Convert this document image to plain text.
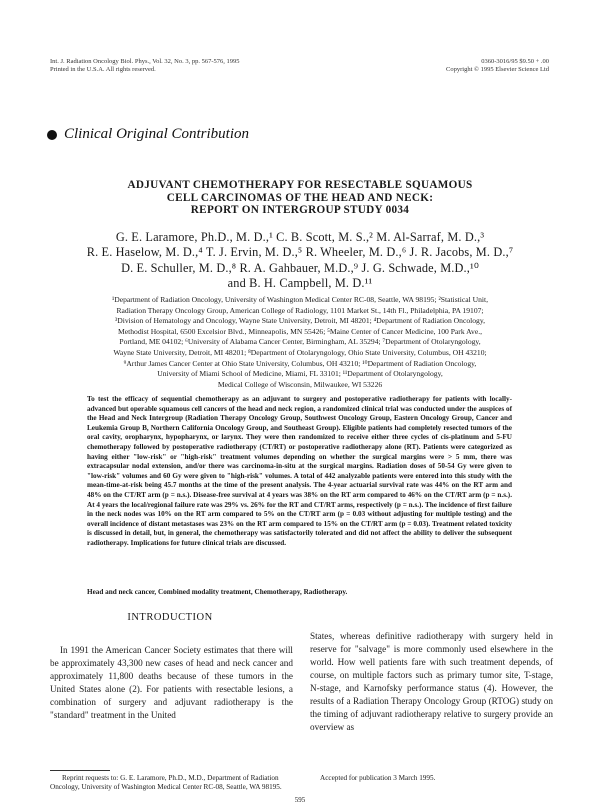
Int. J. Radiation Oncology Biol. Phys., Vol. 32, No. 3, pp. 567-576, 1995
Printed in the U.S.A. All rights reserved.
0360-3016/95 $9.50 + .00
Copyright © 1995 Elsevier Science Ltd
Clinical Original Contribution
ADJUVANT CHEMOTHERAPY FOR RESECTABLE SQUAMOUS
CELL CARCINOMAS OF THE HEAD AND NECK:
REPORT ON INTERGROUP STUDY 0034
G. E. Laramore, Ph.D., M. D.,¹ C. B. Scott, M. S.,² M. Al-Sarraf, M. D.,³
R. E. Haselow, M. D.,⁴ T. J. Ervin, M. D.,⁵ R. Wheeler, M. D.,⁶ J. R. Jacobs, M. D.,⁷
D. E. Schuller, M. D.,⁸ R. A. Gahbauer, M.D.,⁹ J. G. Schwade, M.D.,¹⁰
and B. H. Campbell, M. D.¹¹
¹Department of Radiation Oncology, University of Washington Medical Center RC-08, Seattle, WA 98195; ²Statistical Unit,
Radiation Therapy Oncology Group, American College of Radiology, 1101 Market St., 14th Fl., Philadelphia, PA 19107;
³Division of Hematology and Oncology, Wayne State University, Detroit, MI 48201; ⁴Department of Radiation Oncology,
Methodist Hospital, 6500 Excelsior Blvd., Minneapolis, MN 55426; ⁵Maine Center of Cancer Medicine, 100 Park Ave.,
Portland, ME 04102; ⁶University of Alabama Cancer Center, Birmingham, AL 35294; ⁷Department of Otolaryngology,
Wayne State University, Detroit, MI 48201; ⁸Department of Otolaryngology, Ohio State University, Columbus, OH 43210;
⁹Arthur James Cancer Center at Ohio State University, Columbus, OH 43210; ¹⁰Department of Radiation Oncology,
University of Miami School of Medicine, Miami, FL 33101; ¹¹Department of Otolaryngology,
Medical College of Wisconsin, Milwaukee, WI 53226
To test the efficacy of sequential chemotherapy as an adjuvant to surgery and postoperative radiotherapy for patients with locally-advanced but operable squamous cell cancers of the head and neck region, a randomized clinical trial was conducted under the auspices of the Head and Neck Intergroup (Radiation Therapy Oncology Group, Southwest Oncology Group, Eastern Oncology Group, Cancer and Leukemia Group B, Northern California Oncology Group, and Southeast Group). Eligible patients had completely resected tumors of the oral cavity, oropharynx, hypopharynx, or larynx. They were then randomized to receive either three cycles of cis-platinum and 5-FU chemotherapy followed by postoperative radiotherapy (CT/RT) or postoperative radiotherapy alone (RT). Patients were categorized as having either "low-risk" or "high-risk" treatment volumes depending on whether the surgical margins were > 5 mm, there was extracapsular nodal extension, and/or there was carcinoma-in-situ at the surgical margins. Radiation doses of 50-54 Gy were given to "low-risk" volumes and 60 Gy were given to "high-risk" volumes. A total of 442 analyzable patients were entered into this study with the mean-time-at-risk being 45.7 months at the time of the present analysis. The 4-year actuarial survival rate was 44% on the RT arm and 48% on the CT/RT arm (p = n.s.). Disease-free survival at 4 years was 38% on the RT arm compared to 46% on the CT/RT arm (p = n.s.). At 4 years the local/regional failure rate was 29% vs. 26% for the RT and CT/RT arms, respectively (p = n.s.). The incidence of first failure in the neck nodes was 10% on the RT arm compared to 5% on the CT/RT arm (p = 0.03 without adjusting for multiple testing) and the overall incidence of distant metastases was 23% on the RT arm compared to 15% on the CT/RT arm (p = 0.03). Treatment related toxicity is discussed in detail, but, in general, the chemotherapy was satisfactorily tolerated and did not affect the ability to deliver the subsequent radiotherapy. Implications for future clinical trials are discussed.
Head and neck cancer, Combined modality treatment, Chemotherapy, Radiotherapy.
INTRODUCTION
In 1991 the American Cancer Society estimates that there will be approximately 43,300 new cases of head and neck cancer and approximately 11,800 deaths because of these tumors in the United States alone (2). For patients with resectable lesions, a combination of surgery and adjuvant radiotherapy is the "standard" treatment in the United
States, whereas definitive radiotherapy with surgery held in reserve for "salvage" is more commonly used elsewhere in the world. How well patients fare with such treatment depends, of course, on multiple factors such as primary tumor site, T-stage, N-stage, and Karnofsky performance status (4). However, the results of a Radiation Therapy Oncology Group (RTOG) study on the timing of adjuvant radiotherapy relative to surgery provide an overview as
Reprint requests to: G. E. Laramore, Ph.D., M.D., Department of Radiation Oncology, University of Washington Medical Center RC-08, Seattle, WA 98195.
Accepted for publication 3 March 1995.
595
